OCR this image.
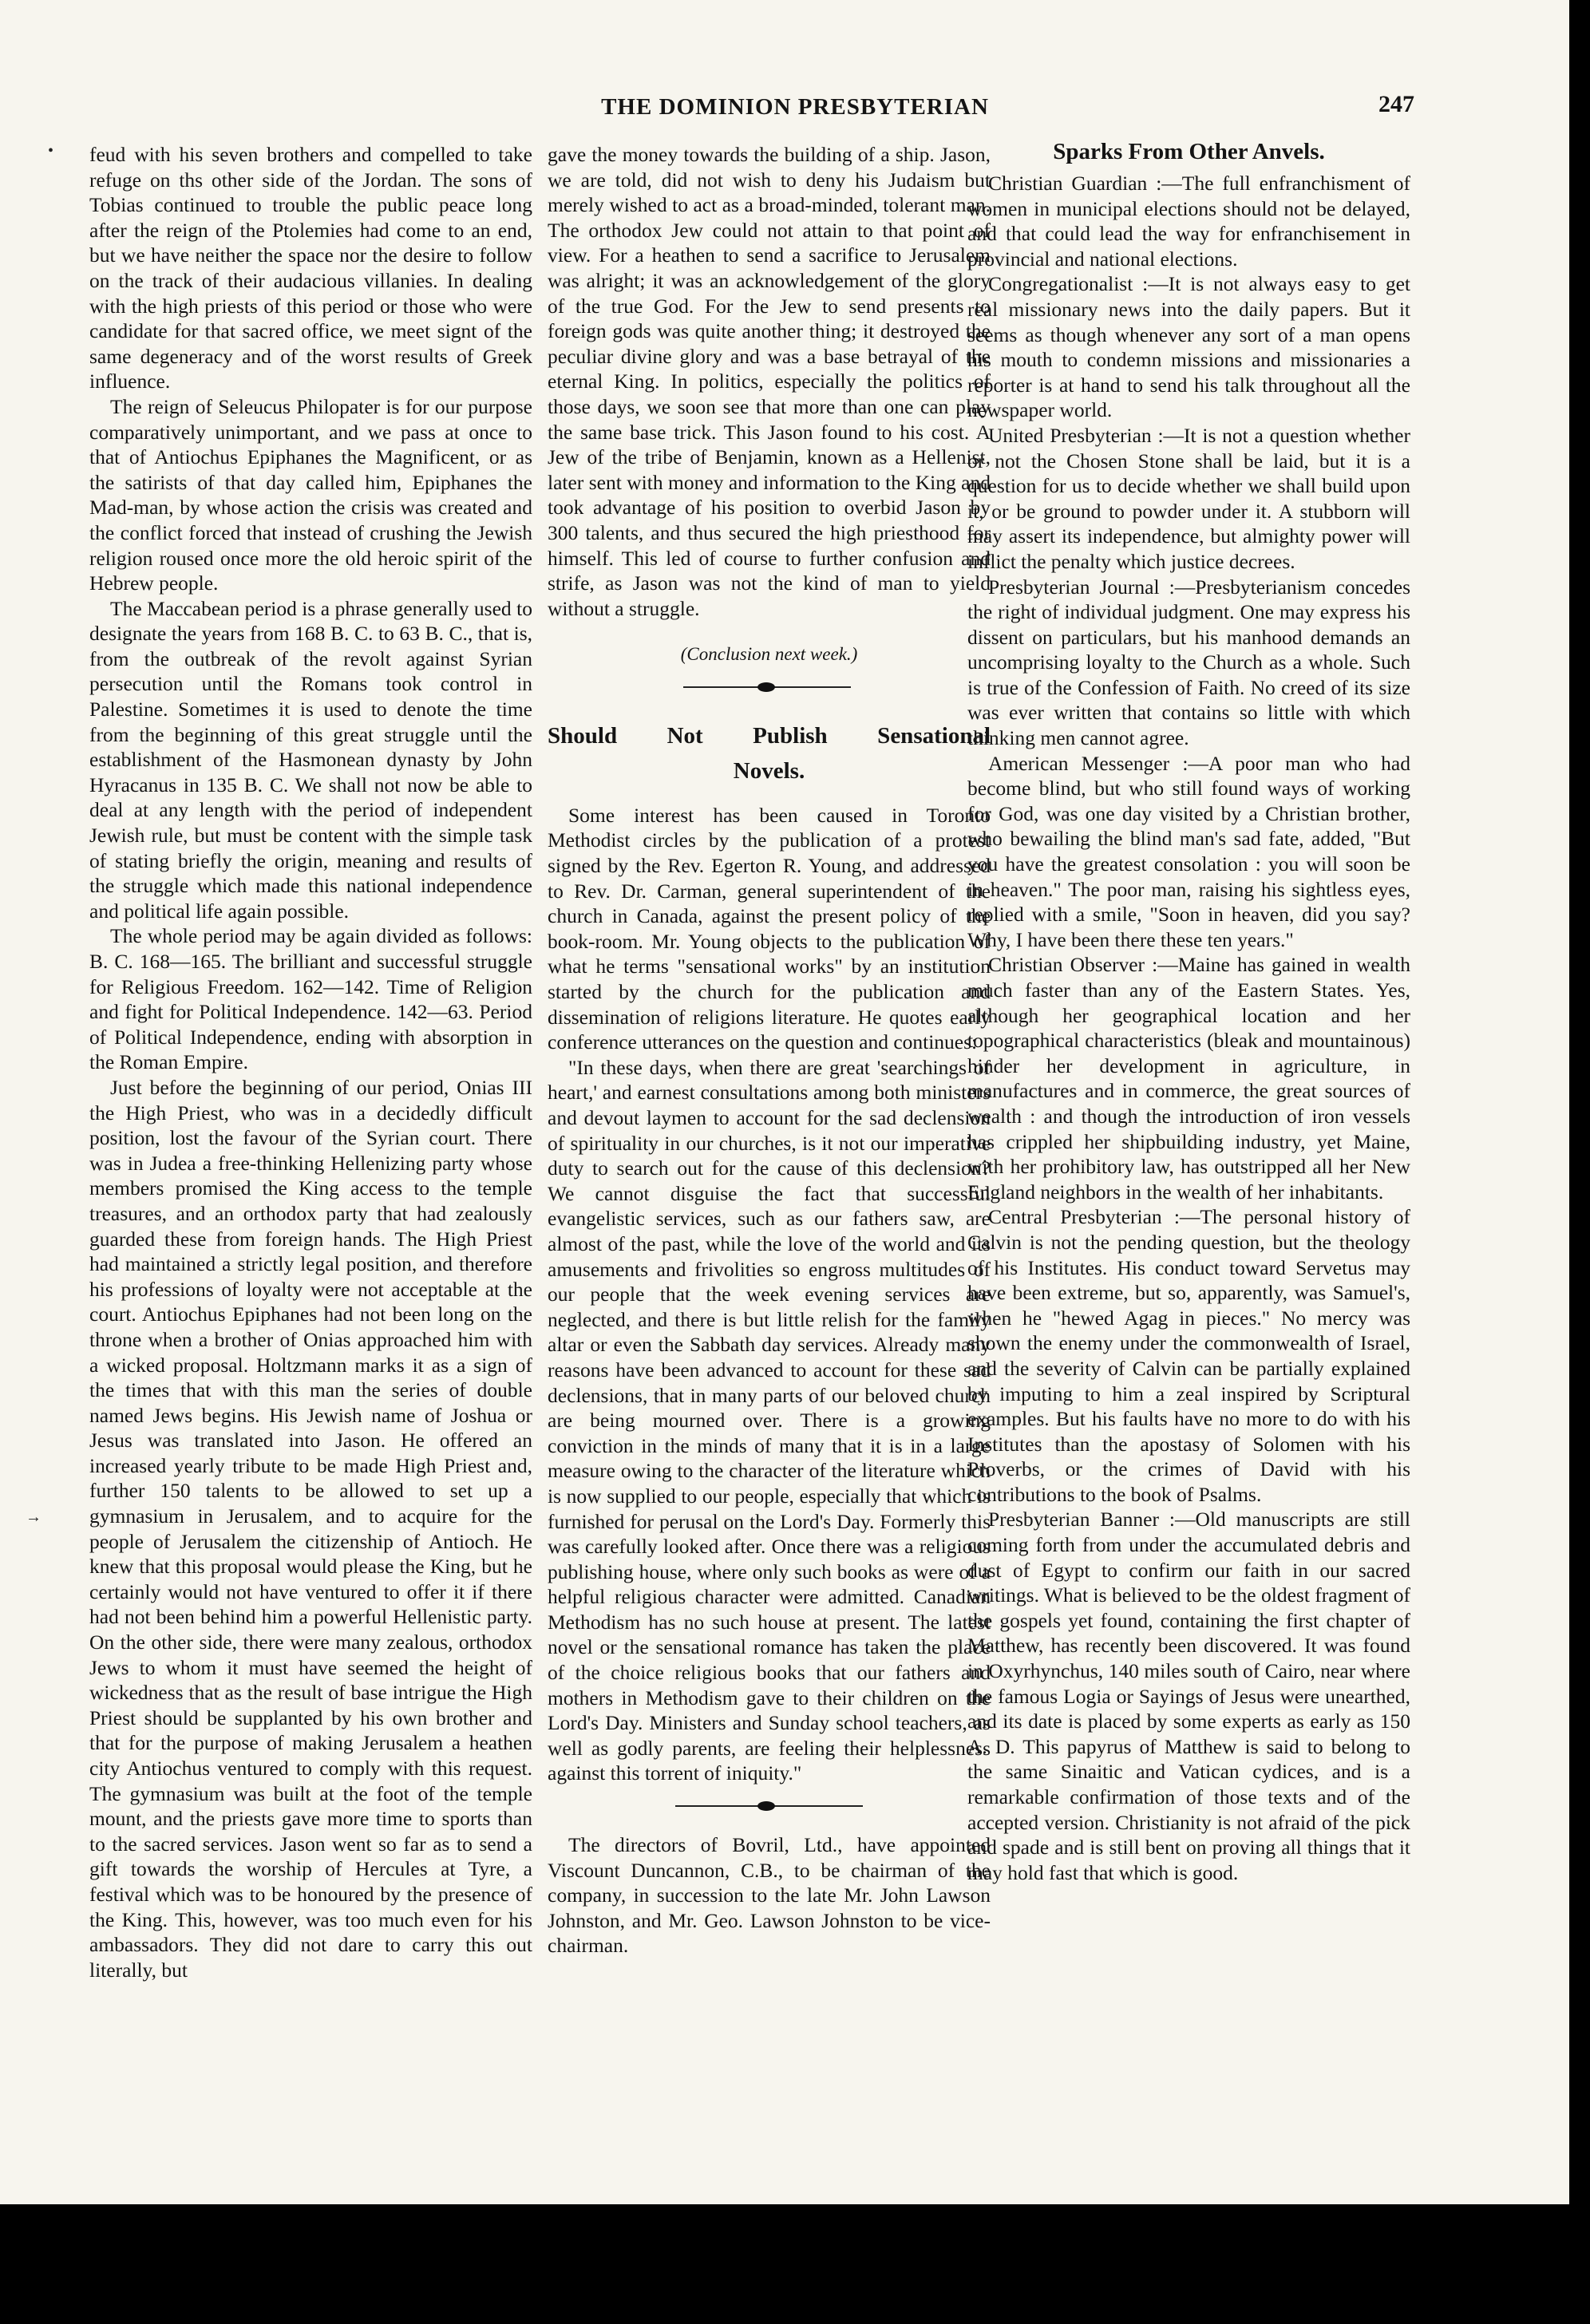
•
→
THE DOMINION PRESBYTERIAN	247

feud with his seven brothers and compelled to take refuge on ths other side of the Jordan. The sons of Tobias continued to trouble the public peace long after the reign of the Ptolemies had come to an end, but we have neither the space nor the desire to follow on the track of their audacious villanies. In dealing with the high priests of this period or those who were candidate for that sacred office, we meet signt of the same degeneracy and of the worst results of Greek influence.

The reign of Seleucus Philopater is for our purpose comparatively unimportant, and we pass at once to that of Antiochus Epiphanes the Magnificent, or as the satirists of that day called him, Epiphanes the Mad-man, by whose action the crisis was created and the conflict forced that instead of crushing the Jewish religion roused once more the old heroic spirit of the Hebrew people.

The Maccabean period is a phrase generally used to designate the years from 168 B. C. to 63 B. C., that is, from the outbreak of the revolt against Syrian persecution until the Romans took control in Palestine. Sometimes it is used to denote the time from the beginning of this great struggle until the establishment of the Hasmonean dynasty by John Hyracanus in 135 B. C. We shall not now be able to deal at any length with the period of independent Jewish rule, but must be content with the simple task of stating briefly the origin, meaning and results of the struggle which made this national independence and political life again possible.

The whole period may be again divided as follows: B. C. 168—165. The brilliant and successful struggle for Religious Freedom. 162—142. Time of Religion and fight for Political Independence. 142—63. Period of Political Independence, ending with absorption in the Roman Empire.

Just before the beginning of our period, Onias III the High Priest, who was in a decidedly difficult position, lost the favour of the Syrian court. There was in Judea a free-thinking Hellenizing party whose members promised the King access to the temple treasures, and an orthodox party that had zealously guarded these from foreign hands. The High Priest had maintained a strictly legal position, and therefore his professions of loyalty were not acceptable at the court. Antiochus Epiphanes had not been long on the throne when a brother of Onias approached him with a wicked proposal. Holtzmann marks it as a sign of the times that with this man the series of double named Jews begins. His Jewish name of Joshua or Jesus was translated into Jason. He offered an increased yearly tribute to be made High Priest and, further 150 talents to be allowed to set up a gymnasium in Jerusalem, and to acquire for the people of Jerusalem the citizenship of Antioch. He knew that this proposal would please the King, but he certainly would not have ventured to offer it if there had not been behind him a powerful Hellenistic party. On the other side, there were many zealous, orthodox Jews to whom it must have seemed the height of wickedness that as the result of base intrigue the High Priest should be supplanted by his own brother and that for the purpose of making Jerusalem a heathen city Antiochus ventured to comply with this request. The gymnasium was built at the foot of the temple mount, and the priests gave more time to sports than to the sacred services. Jason went so far as to send a gift towards the worship of Hercules at Tyre, a festival which was to be honoured by the presence of the King. This, however, was too much even for his ambassadors. They did not dare to carry this out literally, but

gave the money towards the building of a ship. Jason, we are told, did not wish to deny his Judaism but merely wished to act as a broad-minded, tolerant man. The orthodox Jew could not attain to that point of view. For a heathen to send a sacrifice to Jerusalem was alright; it was an acknowledgement of the glory of the true God. For the Jew to send presents to foreign gods was quite another thing; it destroyed the peculiar divine glory and was a base betrayal of the eternal King. In politics, especially the politics of those days, we soon see that more than one can play the same base trick. This Jason found to his cost. A Jew of the tribe of Benjamin, known as a Hellenist, later sent with money and information to the King and took advantage of his position to overbid Jason by 300 talents, and thus secured the high priesthood for himself. This led of course to further confusion and strife, as Jason was not the kind of man to yield without a struggle.

(Conclusion next week.)
Should Not Publish Sensational
Novels.

Some interest has been caused in Toronto Methodist circles by the publication of a protest signed by the Rev. Egerton R. Young, and addressed to Rev. Dr. Carman, general superintendent of the church in Canada, against the present policy of the book-room. Mr. Young objects to the publication of what he terms "sensational works" by an institution started by the church for the publication and dissemination of religions literature. He quotes early conference utterances on the question and continues:

"In these days, when there are great 'searchings of heart,' and earnest consultations among both ministers and devout laymen to account for the sad declension of spirituality in our churches, is it not our imperative duty to search out for the cause of this declension? We cannot disguise the fact that successful evangelistic services, such as our fathers saw, are almost of the past, while the love of the world and its amusements and frivolities so engross multitudes of our people that the week evening services are neglected, and there is but little relish for the family altar or even the Sabbath day services. Already many reasons have been advanced to account for these sad declensions, that in many parts of our beloved church are being mourned over. There is a growing conviction in the minds of many that it is in a large measure owing to the character of the literature which is now supplied to our people, especially that which is furnished for perusal on the Lord's Day. Formerly this was carefully looked after. Once there was a religious publishing house, where only such books as were of a helpful religious character were admitted. Canadian Methodism has no such house at present. The latest novel or the sensational romance has taken the place of the choice religious books that our fathers and mothers in Methodism gave to their children on the Lord's Day. Ministers and Sunday school teachers, as well as godly parents, are feeling their helplessness against this torrent of iniquity."

The directors of Bovril, Ltd., have appointed Viscount Duncannon, C.B., to be chairman of the company, in succession to the late Mr. John Lawson Johnston, and Mr. Geo. Lawson Johnston to be vice-chairman.

Sparks From Other Anvels.

Christian Guardian :—The full enfranchisment of women in municipal elections should not be delayed, and that could lead the way for enfranchisement in provincial and national elections.

Congregationalist :—It is not always easy to get real missionary news into the daily papers. But it seems as though whenever any sort of a man opens his mouth to condemn missions and missionaries a reporter is at hand to send his talk throughout all the newspaper world.

United Presbyterian :—It is not a question whether or not the Chosen Stone shall be laid, but it is a question for us to decide whether we shall build upon it, or be ground to powder under it. A stubborn will may assert its independence, but almighty power will inflict the penalty which justice decrees.

Presbyterian Journal :—Presbyterianism concedes the right of individual judgment. One may express his dissent on particulars, but his manhood demands an uncomprising loyalty to the Church as a whole. Such is true of the Confession of Faith. No creed of its size was ever written that contains so little with which thinking men cannot agree.

American Messenger :—A poor man who had become blind, but who still found ways of working for God, was one day visited by a Christian brother, who bewailing the blind man's sad fate, added, "But you have the greatest consolation : you will soon be in heaven." The poor man, raising his sightless eyes, replied with a smile, "Soon in heaven, did you say? Why, I have been there these ten years."

Christian Observer :—Maine has gained in wealth much faster than any of the Eastern States. Yes, although her geographical location and her topographical characteristics (bleak and mountainous) hinder her development in agriculture, in manufactures and in commerce, the great sources of wealth : and though the introduction of iron vessels has crippled her shipbuilding industry, yet Maine, with her prohibitory law, has outstripped all her New England neighbors in the wealth of her inhabitants.

Central Presbyterian :—The personal history of Calvin is not the pending question, but the theology of his Institutes. His conduct toward Servetus may have been extreme, but so, apparently, was Samuel's, when he "hewed Agag in pieces." No mercy was shown the enemy under the commonwealth of Israel, and the severity of Calvin can be partially explained by imputing to him a zeal inspired by Scriptural examples. But his faults have no more to do with his Institutes than the apostasy of Solomen with his Proverbs, or the crimes of David with his contributions to the book of Psalms.

Presbyterian Banner :—Old manuscripts are still coming forth from under the accumulated debris and dust of Egypt to confirm our faith in our sacred writings. What is believed to be the oldest fragment of the gospels yet found, containing the first chapter of Matthew, has recently been discovered. It was found in Oxyrhynchus, 140 miles south of Cairo, near where the famous Logia or Sayings of Jesus were unearthed, and its date is placed by some experts as early as 150 A. D. This papyrus of Matthew is said to belong to the same Sinaitic and Vatican cydices, and is a remarkable confirmation of those texts and of the accepted version. Christianity is not afraid of the pick and spade and is still bent on proving all things that it may hold fast that which is good.
